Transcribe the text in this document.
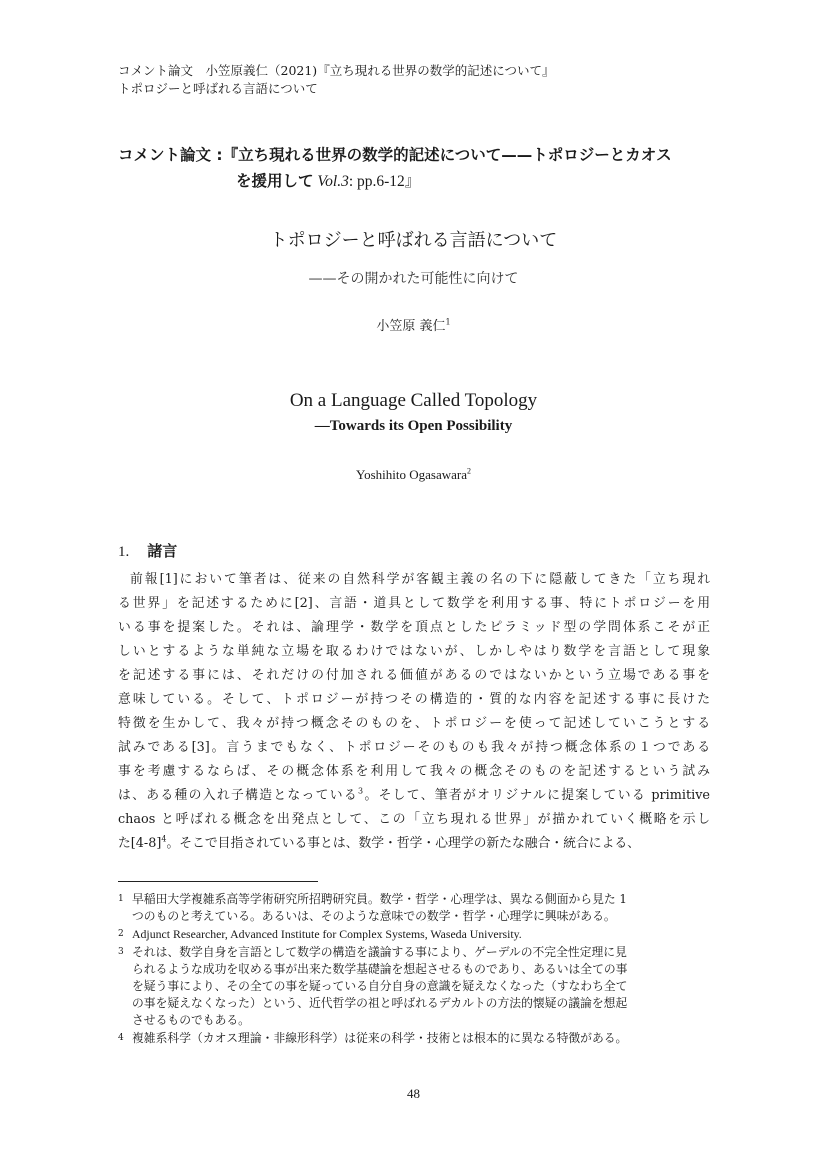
コメント論文　小笠原義仁（2021)『立ち現れる世界の数学的記述について』
トポロジーと呼ばれる言語について
コメント論文 :『立ち現れる世界の数学的記述について——トポロジーとカオス
を援用して Vol.3: pp.6-12』
トポロジーと呼ばれる言語について
——その開かれた可能性に向けて
小笠原 義仁$^1$
On a Language Called Topology
—Towards its Open Possibility
Yoshihito Ogasawara$^2$
1. 諸言
前報[1]において筆者は、従来の自然科学が客観主義の名の下に隠蔽してきた「立ち現れ
る世界」を記述するために[2]、言語・道具として数学を利用する事、特にトポロジーを用
いる事を提案した。それは、論理学・数学を頂点としたピラミッド型の学問体系こそが正
しいとするような単純な立場を取るわけではないが、しかしやはり数学を言語として現象
を記述する事には、それだけの付加される価値があるのではないかという立場である事を
意味している。そして、トポロジーが持つその構造的・質的な内容を記述する事に長けた
特徴を生かして、我々が持つ概念そのものを、トポロジーを使って記述していこうとする
試みである[3]。言うまでもなく、トポロジーそのものも我々が持つ概念体系の１つである
事を考慮するならば、その概念体系を利用して我々の概念そのものを記述するという試み
は、ある種の入れ子構造となっている$^3$。そして、筆者がオリジナルに提案している primitive
chaos と呼ばれる概念を出発点として、この「立ち現れる世界」が描かれていく概略を示し
た$[4-8]^4$。そこで目指されている事とは、数学・哲学・心理学の新たな融合・統合による、
1 早稲田大学複雑系高等学術研究所招聘研究員。数学・哲学・心理学は、異なる側面から見た 1
つのものと考えている。あるいは、そのような意味での数学・哲学・心理学に興味がある。
2 Adjunct Researcher, Advanced Institute for Complex Systems, Waseda University.
3 それは、数学自身を言語として数学の構造を議論する事により、ゲーデルの不完全性定理に見
られるような成功を収める事が出来た数学基礎論を想起させるものであり、あるいは全ての事
を疑う事により、その全ての事を疑っている自分自身の意識を疑えなくなった（すなわち全て
の事を疑えなくなった）という、近代哲学の祖と呼ばれるデカルトの方法的懐疑の議論を想起
させるものでもある。
4 複雑系科学（カオス理論・非線形科学）は従来の科学・技術とは根本的に異なる特徴がある。
48
